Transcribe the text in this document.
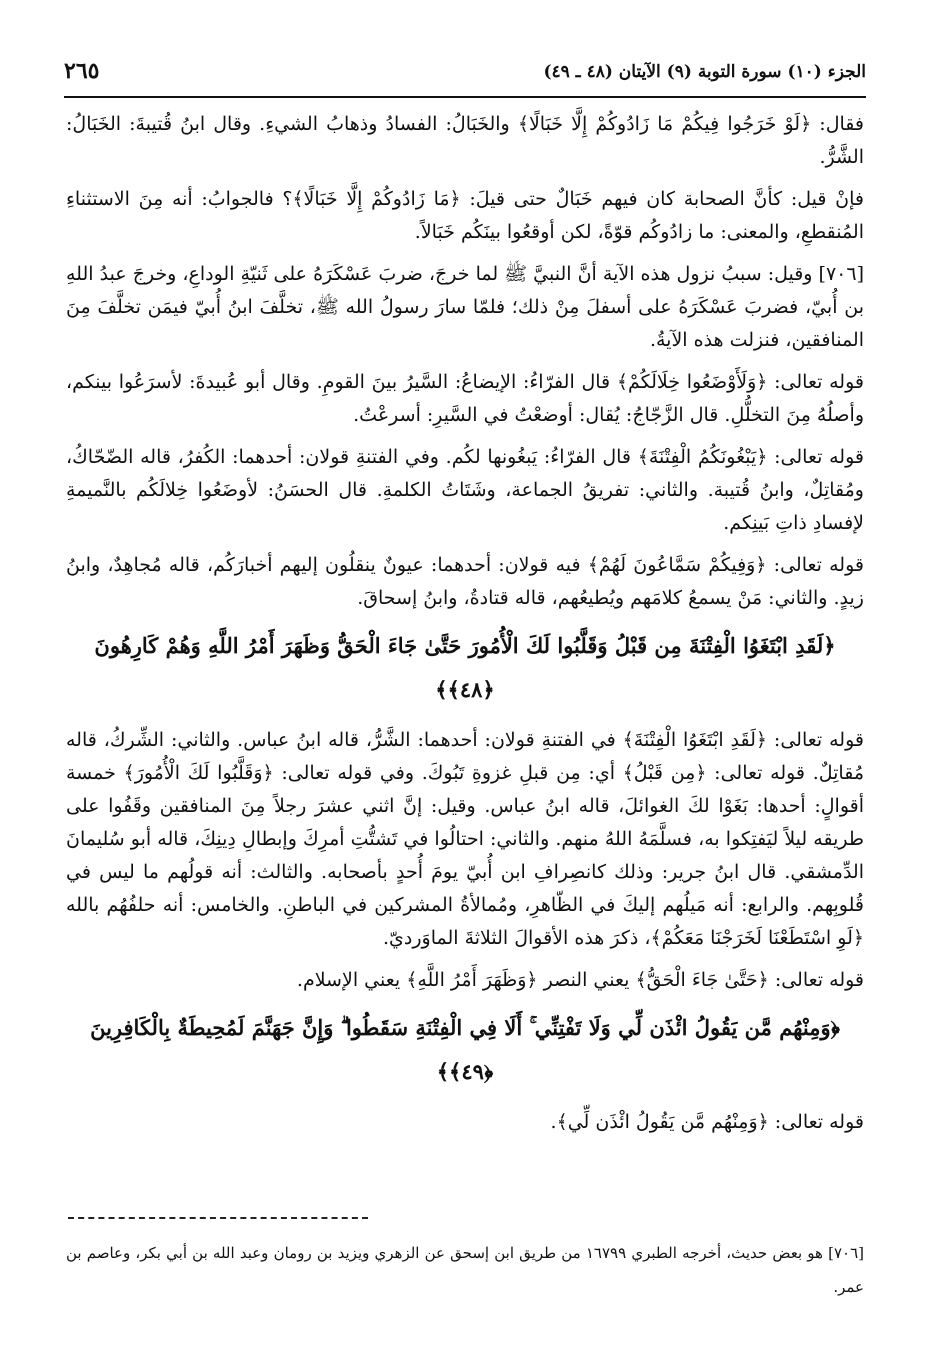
الجزء (١٠) سورة التوبة (٩) الآيتان (٤٨ ـ ٤٩)
٢٦٥

فقال: ﴿لَوْ خَرَجُوا فِيكُمْ مَا زَادُوكُمْ إِلَّا خَبَالًا﴾ والخَبَالُ: الفسادُ وذهابُ الشيءِ. وقال ابنُ قُتيبةَ: الخَبَالُ: الشَّرُّ.

فإنْ قيل: كأنَّ الصحابة كان فيهم خَبَالٌ حتى قيلَ: ﴿مَا زَادُوكُمْ إِلَّا خَبَالًا﴾؟ فالجوابُ: أنه مِنَ الاستثناءِ المُنقطعِ، والمعنى: ما زادُوكُم قوّةً، لكن أوقعُوا بينَكُم خَبَالاً.

[٧٠٦] وقيل: سببُ نزول هذه الآية أنَّ النبيَّ ﷺ لما خرجَ، ضربَ عَسْكَرَهُ على ثَنيّةِ الوداعِ، وخرجَ عبدُ اللهِ بن أُبيّ، فضربَ عَسْكَرَهُ على أسفلَ مِنْ ذلك؛ فلمّا سارَ رسولُ الله ﷺ، تخلَّفَ ابنُ أُبيّ فيمَن تخلَّفَ مِنَ المنافقين، فنزلت هذه الآيةُ.

قوله تعالى: ﴿وَلَأَوْضَعُوا خِلَالَكُمْ﴾ قال الفرّاءُ: الإيضاعُ: السَّيرُ بينَ القومِ. وقال أبو عُبيدةَ: لأسرَعُوا بينكم، وأصلُهُ مِنَ التخلُّلِ. قال الزَّجّاجُ: يُقال: أوضعْتُ في السَّيرِ: أسرعْتُ.

قوله تعالى: ﴿يَبْغُونَكُمُ الْفِتْنَةَ﴾ قال الفرّاءُ: يَبغُونها لكُم. وفي الفتنةِ قولان: أحدهما: الكُفرُ، قاله الضّحّاكُ، ومُقاتِلٌ، وابنُ قُتيبة. والثاني: تفريقُ الجماعة، وشَتَاتُ الكلمةِ. قال الحسَنُ: لأوضَعُوا خِلالَكُم بالنَّميمةِ لإفسادِ ذاتِ بَينِكم.

قوله تعالى: ﴿وَفِيكُمْ سَمَّاعُونَ لَهُمْ﴾ فيه قولان: أحدهما: عيونٌ ينقلُون إليهم أخبارَكُم، قاله مُجاهِدٌ، وابنُ زيدٍ. والثاني: مَنْ يسمعُ كلامَهم ويُطيعُهم، قاله قتادةُ، وابنُ إسحاقَ.

﴿لَقَدِ ابْتَغَوُا الْفِتْنَةَ مِن قَبْلُ وَقَلَّبُوا لَكَ الْأُمُورَ حَتَّىٰ جَاءَ الْحَقُّ وَظَهَرَ أَمْرُ اللَّهِ وَهُمْ كَارِهُونَ ﴿٤٨﴾﴾

قوله تعالى: ﴿لَقَدِ ابْتَغَوُا الْفِتْنَةَ﴾ في الفتنةِ قولان: أحدهما: الشَّرُّ، قاله ابنُ عباس. والثاني: الشِّركُ، قاله مُقاتِلٌ. قوله تعالى: ﴿مِن قَبْلُ﴾ أي: مِن قبلِ غزوةِ تَبُوكَ. وفي قوله تعالى: ﴿وَقَلَّبُوا لَكَ الْأُمُورَ﴾ خمسة أقوالٍ: أحدها: بَغَوْا لكَ الغوائلَ، قاله ابنُ عباس. وقيل: إنَّ اثني عشرَ رجلاً مِنَ المنافقين وقَفُوا على طريقه ليلاً ليَفتِكوا به، فسلَّمَهُ اللهُ منهم. والثاني: احتالُوا في تَشتُّتِ أمرِكَ وإبطالِ دِينِكَ، قاله أبو سُليمانَ الدِّمشقي. قال ابنُ جرير: وذلك كانصِرافِ ابن أُبيّ يومَ أُحدٍ بأصحابه. والثالث: أنه قولُهم ما ليس في قُلوبِهم. والرابع: أنه مَيلُهم إليكَ في الظّاهرِ، ومُمالأةُ المشركين في الباطنِ. والخامس: أنه حلفُهُم بالله ﴿لَوِ اسْتَطَعْنَا لَخَرَجْنَا مَعَكُمْ﴾، ذكرَ هذه الأقوالَ الثلاثةَ الماوَرديّ.

قوله تعالى: ﴿حَتَّىٰ جَاءَ الْحَقُّ﴾ يعني النصر ﴿وَظَهَرَ أَمْرُ اللَّهِ﴾ يعني الإسلام.

﴿وَمِنْهُم مَّن يَقُولُ ائْذَن لِّي وَلَا تَفْتِنِّي ۚ أَلَا فِي الْفِتْنَةِ سَقَطُوا ۗ وَإِنَّ جَهَنَّمَ لَمُحِيطَةٌ بِالْكَافِرِينَ ﴿٤٩﴾﴾

قوله تعالى: ﴿وَمِنْهُم مَّن يَقُولُ ائْذَن لِّي﴾.

[٧٠٦] هو بعض حديث، أخرجه الطبري ١٦٧٩٩ من طريق ابن إسحق عن الزهري ويزيد بن رومان وعبد الله بن أبي بكر، وعاصم بن عمر.
